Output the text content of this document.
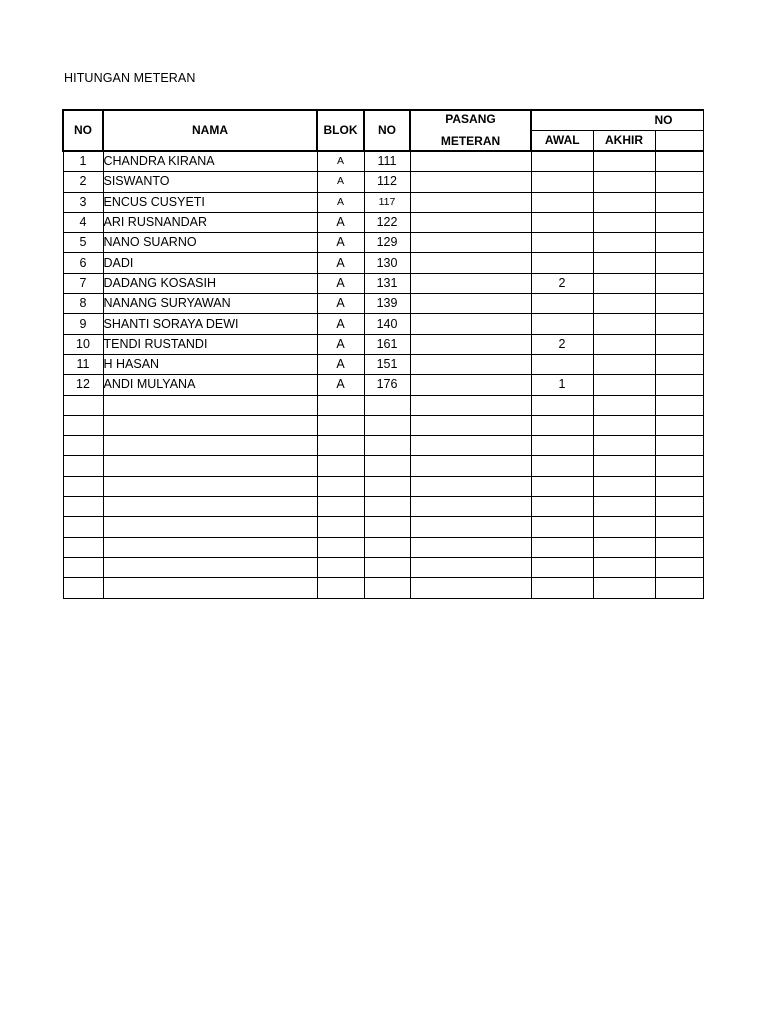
HITUNGAN METERAN
NO	NAMA	BLOK	NO	PASANG
METERAN	NO		
					AWAL	AKHIR	
1	CHANDRA KIRANA	A	111				
2	SISWANTO	A	112				
3	ENCUS CUSYETI	A	117				
4	ARI RUSNANDAR	A	122				
5	NANO SUARNO	A	129				
6	DADI	A	130				
7	DADANG KOSASIH	A	131		2		
8	NANANG SURYAWAN	A	139				
9	SHANTI SORAYA DEWI	A	140				
10	TENDI RUSTANDI	A	161		2		
11	H HASAN	A	151				
12	ANDI MULYANA	A	176		1		
